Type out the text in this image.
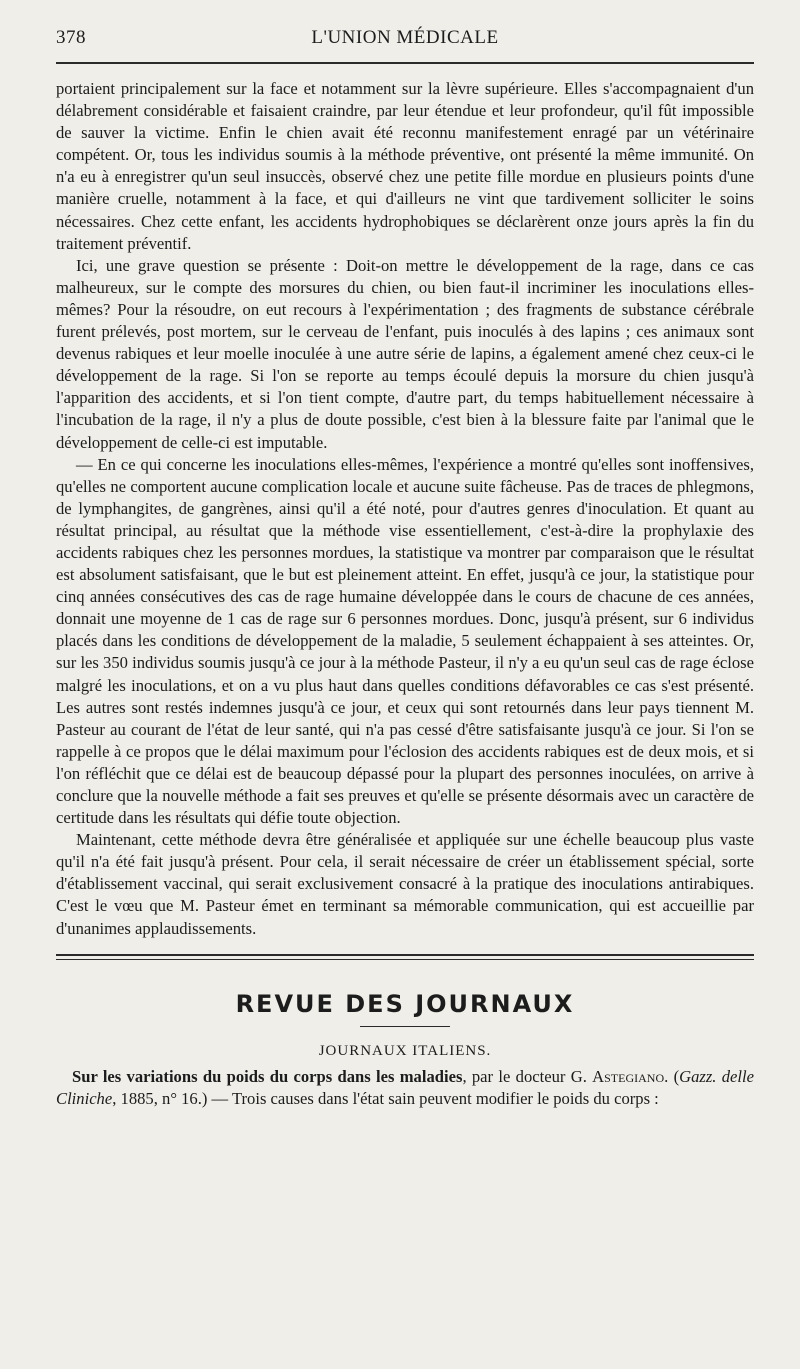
378	L'UNION MÉDICALE

portaient principalement sur la face et notamment sur la lèvre supérieure. Elles s'accompagnaient d'un délabrement considérable et faisaient craindre, par leur étendue et leur profondeur, qu'il fût impossible de sauver la victime. Enfin le chien avait été reconnu manifestement enragé par un vétérinaire compétent. Or, tous les individus soumis à la méthode préventive, ont présenté la même immunité. On n'a eu à enregistrer qu'un seul insuccès, observé chez une petite fille mordue en plusieurs points d'une manière cruelle, notamment à la face, et qui d'ailleurs ne vint que tardivement solliciter le soins nécessaires. Chez cette enfant, les accidents hydrophobiques se déclarèrent onze jours après la fin du traitement préventif.

Ici, une grave question se présente : Doit-on mettre le développement de la rage, dans ce cas malheureux, sur le compte des morsures du chien, ou bien faut-il incriminer les inoculations elles-mêmes? Pour la résoudre, on eut recours à l'expérimentation ; des fragments de substance cérébrale furent prélevés, post mortem, sur le cerveau de l'enfant, puis inoculés à des lapins ; ces animaux sont devenus rabiques et leur moelle inoculée à une autre série de lapins, a également amené chez ceux-ci le développement de la rage. Si l'on se reporte au temps écoulé depuis la morsure du chien jusqu'à l'apparition des accidents, et si l'on tient compte, d'autre part, du temps habituellement nécessaire à l'incubation de la rage, il n'y a plus de doute possible, c'est bien à la blessure faite par l'animal que le développement de celle-ci est imputable.

— En ce qui concerne les inoculations elles-mêmes, l'expérience a montré qu'elles sont inoffensives, qu'elles ne comportent aucune complication locale et aucune suite fâcheuse. Pas de traces de phlegmons, de lymphangites, de gangrènes, ainsi qu'il a été noté, pour d'autres genres d'inoculation. Et quant au résultat principal, au résultat que la méthode vise essentiellement, c'est-à-dire la prophylaxie des accidents rabiques chez les personnes mordues, la statistique va montrer par comparaison que le résultat est absolument satisfaisant, que le but est pleinement atteint. En effet, jusqu'à ce jour, la statistique pour cinq années consécutives des cas de rage humaine développée dans le cours de chacune de ces années, donnait une moyenne de 1 cas de rage sur 6 personnes mordues. Donc, jusqu'à présent, sur 6 individus placés dans les conditions de développement de la maladie, 5 seulement échappaient à ses atteintes. Or, sur les 350 individus soumis jusqu'à ce jour à la méthode Pasteur, il n'y a eu qu'un seul cas de rage éclose malgré les inoculations, et on a vu plus haut dans quelles conditions défavorables ce cas s'est présenté. Les autres sont restés indemnes jusqu'à ce jour, et ceux qui sont retournés dans leur pays tiennent M. Pasteur au courant de l'état de leur santé, qui n'a pas cessé d'être satisfaisante jusqu'à ce jour. Si l'on se rappelle à ce propos que le délai maximum pour l'éclosion des accidents rabiques est de deux mois, et si l'on réfléchit que ce délai est de beaucoup dépassé pour la plupart des personnes inoculées, on arrive à conclure que la nouvelle méthode a fait ses preuves et qu'elle se présente désormais avec un caractère de certitude dans les résultats qui défie toute objection.

Maintenant, cette méthode devra être généralisée et appliquée sur une échelle beaucoup plus vaste qu'il n'a été fait jusqu'à présent. Pour cela, il serait nécessaire de créer un établissement spécial, sorte d'établissement vaccinal, qui serait exclusivement consacré à la pratique des inoculations antirabiques. C'est le vœu que M. Pasteur émet en terminant sa mémorable communication, qui est accueillie par d'unanimes applaudissements.

REVUE DES JOURNAUX
JOURNAUX ITALIENS.

Sur les variations du poids du corps dans les maladies, par le docteur G. Astegiano. (Gazz. delle Cliniche, 1885, n° 16.) — Trois causes dans l'état sain peuvent modifier le poids du corps :
